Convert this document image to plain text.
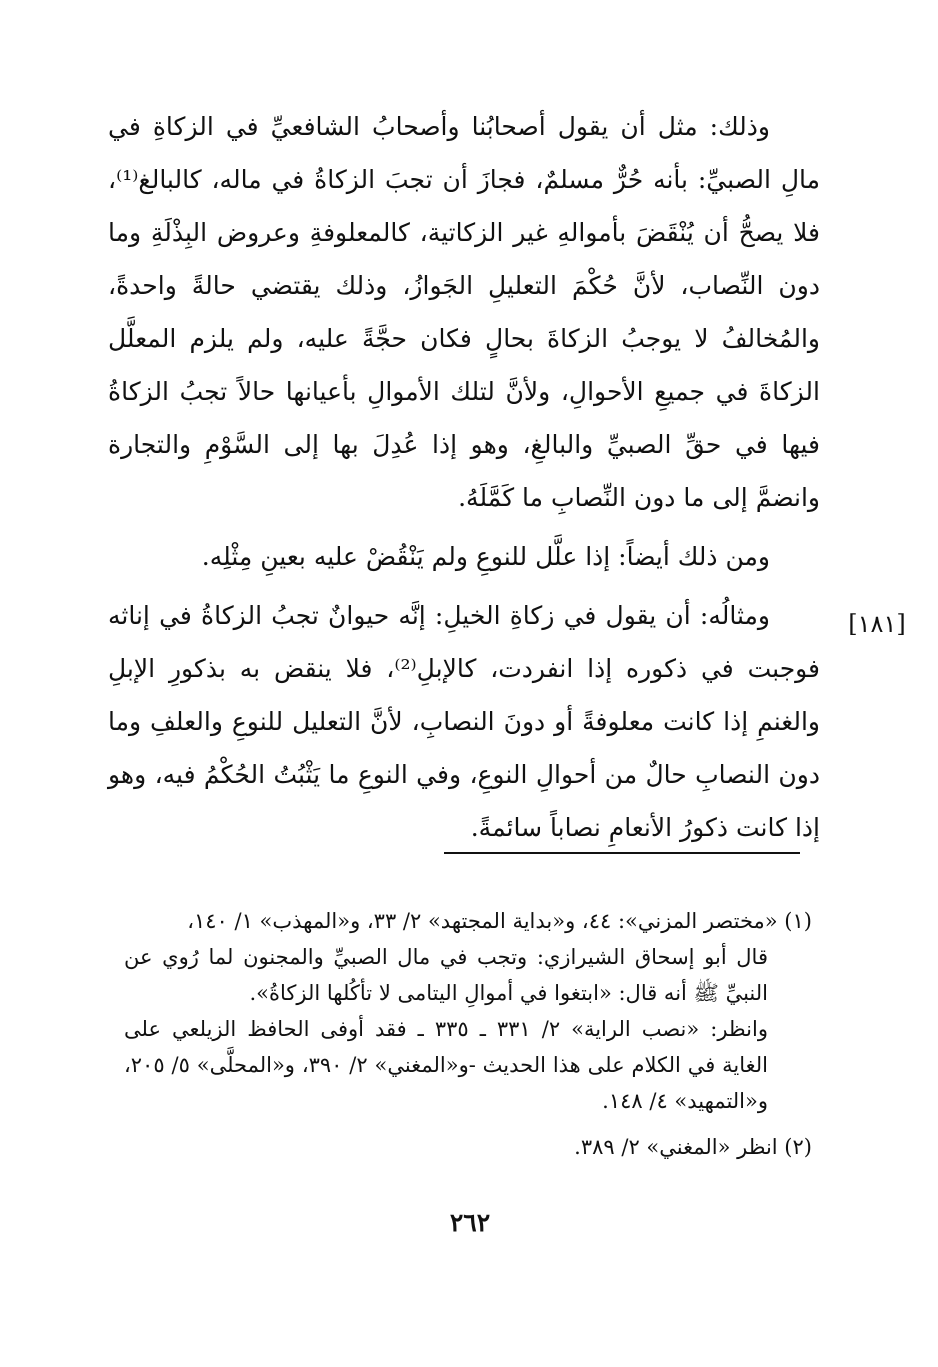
وذلك: مثل أن يقول أصحابُنا وأصحابُ الشافعيِّ في الزكاةِ في مالِ الصبيِّ: بأنه حُرٌّ مسلمٌ، فجازَ أن تجبَ الزكاةُ في ماله، كالبالغ⁽¹⁾، فلا يصحُّ أن يُنْقَضَ بأموالهِ غير الزكاتية، كالمعلوفةِ وعروض البِذْلَةِ وما دون النِّصاب، لأنَّ حُكْمَ التعليلِ الجَوازُ، وذلك يقتضي حالةً واحدةً، والمُخالفُ لا يوجبُ الزكاةَ بحالٍ فكان حجَّةً عليه، ولم يلزم المعلَّل الزكاةَ في جميعِ الأحوالِ، ولأنَّ لتلك الأموالِ بأعيانها حالاً تجبُ الزكاةُ فيها في حقِّ الصبيِّ والبالغِ، وهو إذا عُدِلَ بها إلى السَّوْمِ والتجارة وانضمَّ إلى ما دون النِّصابِ ما كَمَّلَهُ.

ومن ذلك أيضاً: إذا علَّل للنوعِ ولم يَنْقُضْ عليه بعينِ مِثْلِه.

ومثالُه: أن يقول في زكاةِ الخيلِ: إنَّه حيوانٌ تجبُ الزكاةُ في إناثه فوجبت في ذكوره إذا انفردت، كالإبلِ⁽²⁾، فلا ينقض به بذكورِ الإبلِ والغنمِ إذا كانت معلوفةً أو دونَ النصابِ، لأنَّ التعليل للنوعِ والعلفِ وما دون النصابِ حالٌ من أحوالِ النوعِ، وفي النوعِ ما يَثْبُتُ الحُكْمُ فيه، وهو إذا كانت ذكورُ الأنعامِ نصاباً سائمةً.

[١٨١]

(١) «مختصر المزني»: ٤٤، و«بداية المجتهد» ٢/ ٣٣، و«المهذب» ١/ ١٤٠،

قال أبو إسحاق الشيرازي: وتجب في مال الصبيِّ والمجنون لما رُوي عن النبيِّ ﷺ أنه قال: «ابتغوا في أموالِ اليتامى لا تأكُلها الزكاةُ».

وانظر: «نصب الراية» ٢/ ٣٣١ ـ ٣٣٥ ـ فقد أوفى الحافظ الزيلعي على الغاية في الكلام على هذا الحديث -و«المغني» ٢/ ٣٩٠، و«المحلَّى» ٥/ ٢٠٥، و«التمهيد» ٤/ ١٤٨.

(٢) انظر «المغني» ٢/ ٣٨٩.

٢٦٢
